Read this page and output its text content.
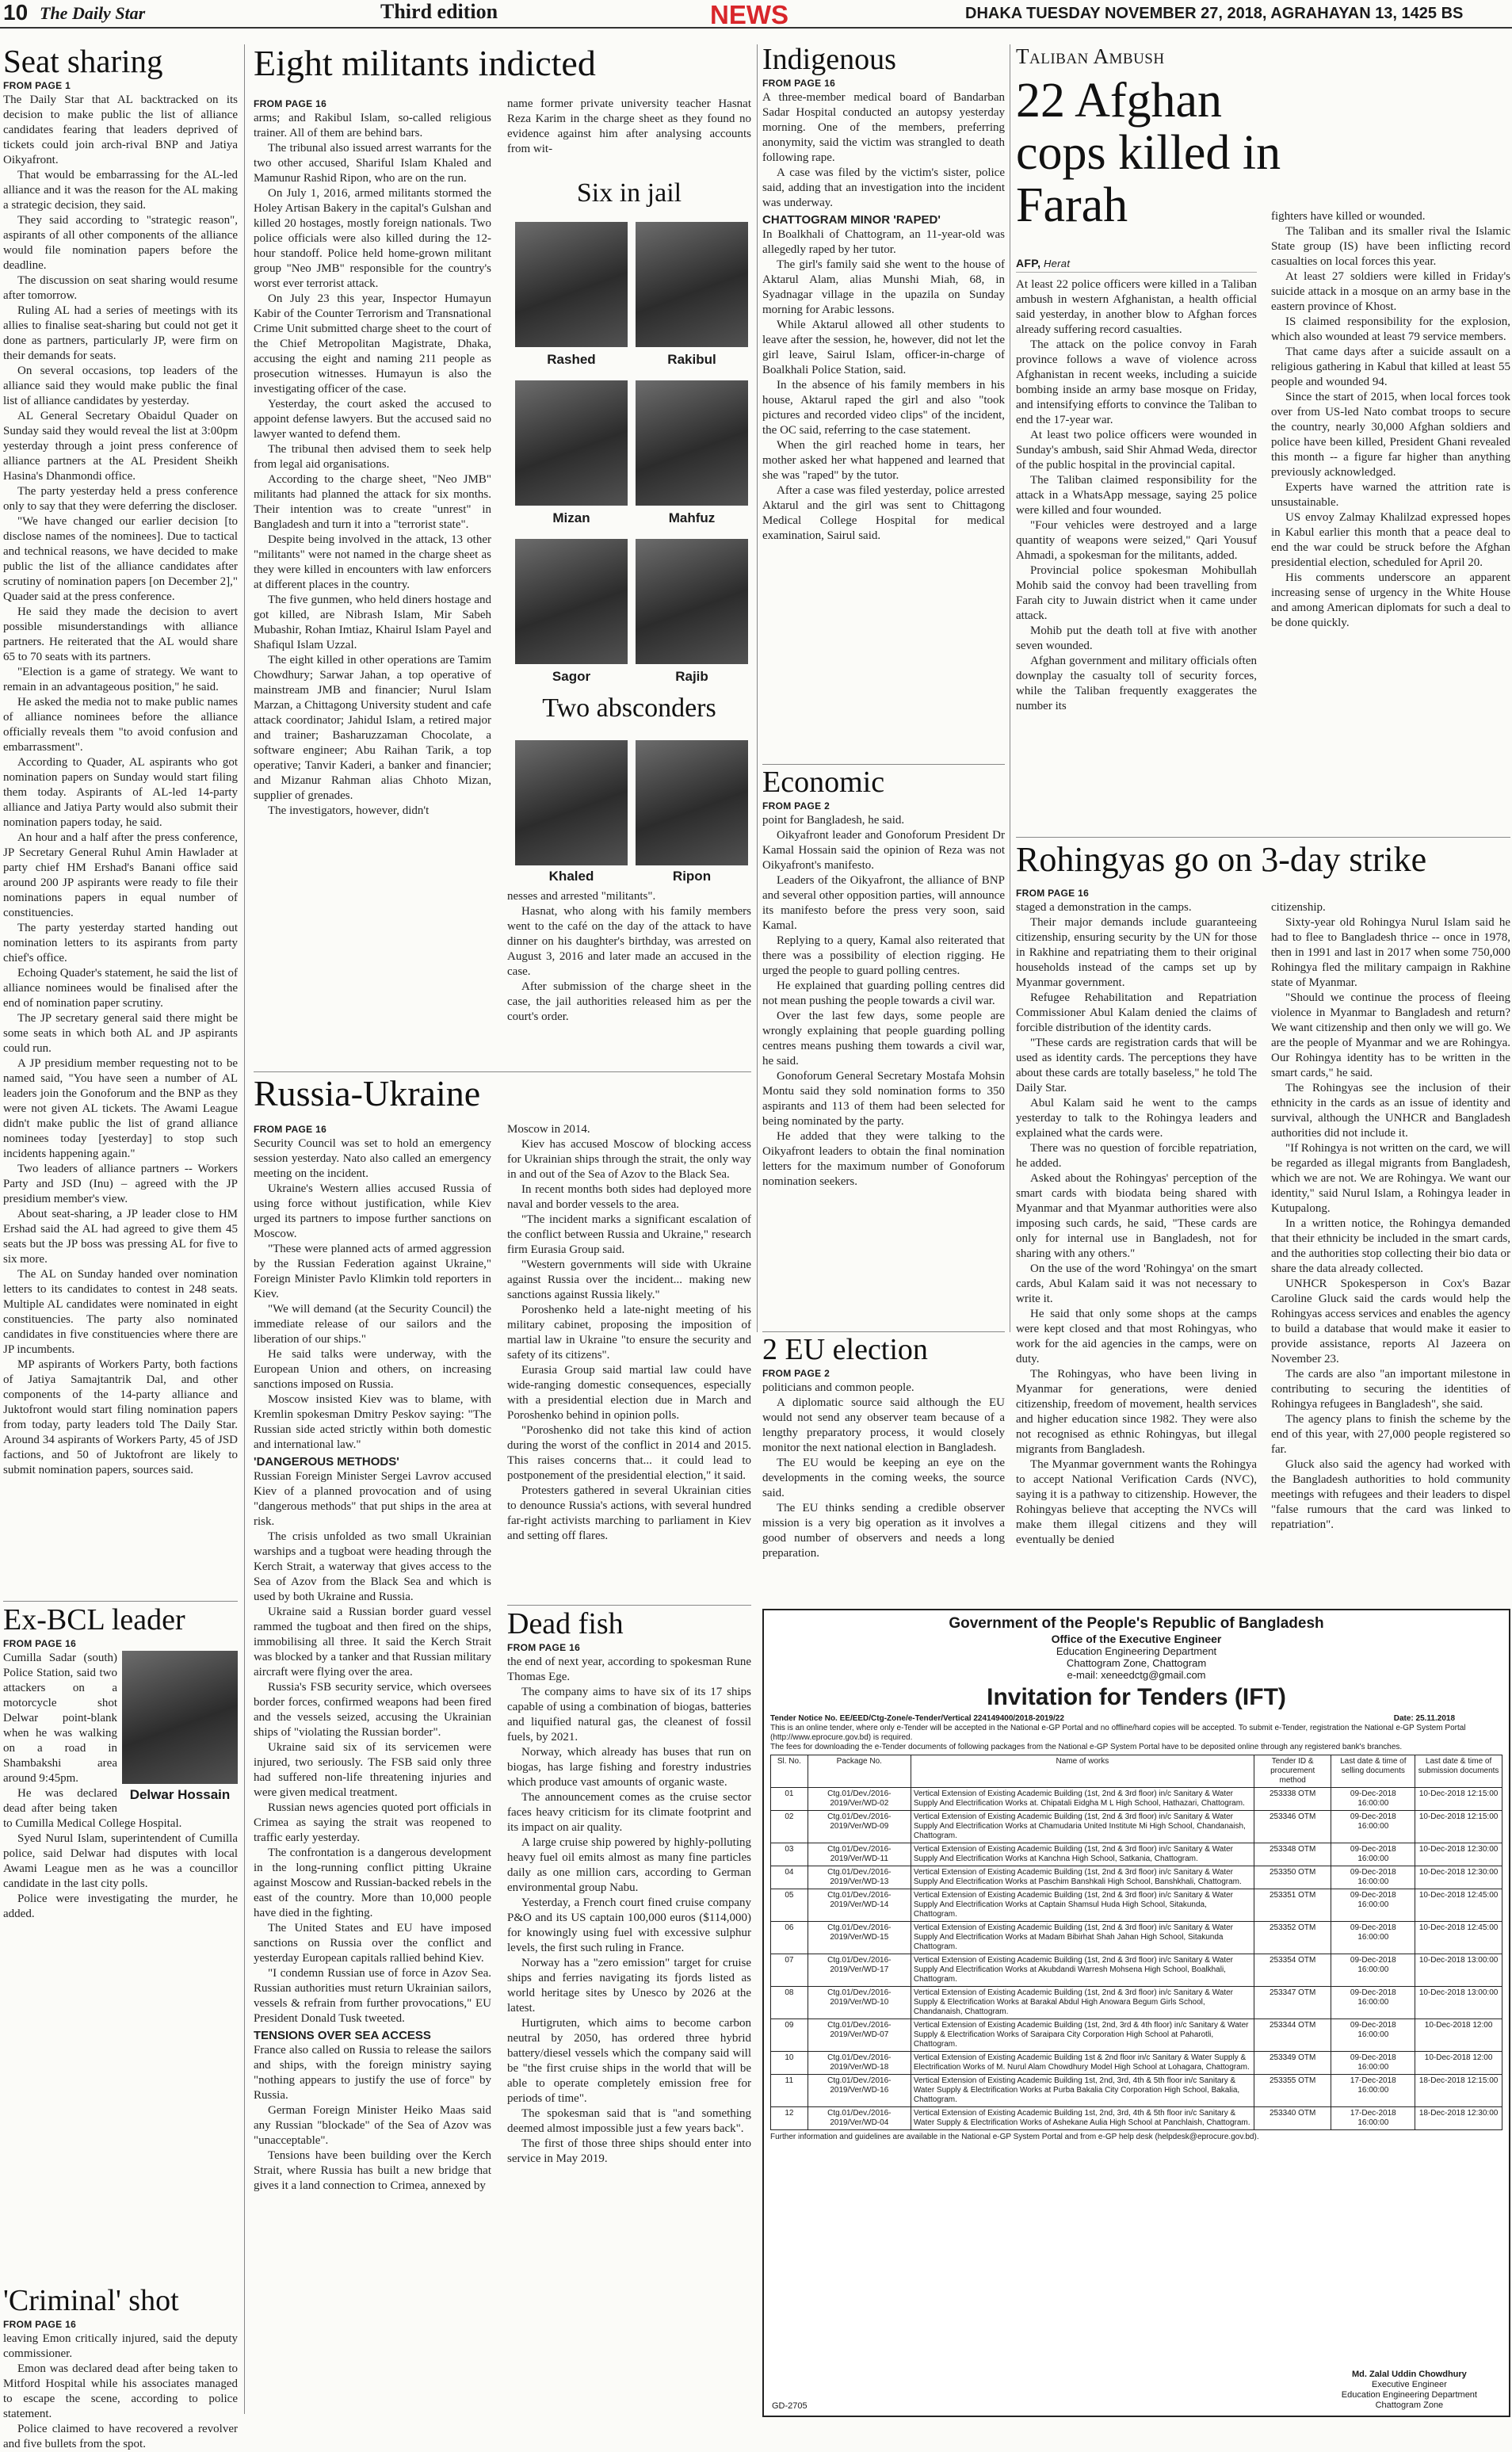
10 The Daily Star	Third edition	NEWS	DHAKA TUESDAY NOVEMBER 27, 2018, AGRAHAYAN 13, 1425 BS
Seat sharing
FROM PAGE 1

The Daily Star that AL backtracked on its decision to make public the list of alliance candidates fearing that leaders deprived of tickets could join arch-rival BNP and Jatiya Oikyafront.

That would be embarrassing for the AL-led alliance and it was the reason for the AL making a strategic decision, they said.

They said according to "strategic reason", aspirants of all other components of the alliance would file nomination papers before the deadline.

The discussion on seat sharing would resume after tomorrow.

Ruling AL had a series of meetings with its allies to finalise seat-sharing but could not get it done as partners, particularly JP, were firm on their demands for seats.

On several occasions, top leaders of the alliance said they would make public the final list of alliance candidates by yesterday.

AL General Secretary Obaidul Quader on Sunday said they would reveal the list at 3:00pm yesterday through a joint press conference of alliance partners at the AL President Sheikh Hasina's Dhanmondi office.

The party yesterday held a press conference only to say that they were deferring the discloser.

"We have changed our earlier decision [to disclose names of the nominees]. Due to tactical and technical reasons, we have decided to make public the list of the alliance candidates after scrutiny of nomination papers [on December 2]," Quader said at the press conference.

He said they made the decision to avert possible misunderstandings with alliance partners. He reiterated that the AL would share 65 to 70 seats with its partners.

"Election is a game of strategy. We want to remain in an advantageous position," he said.

He asked the media not to make public names of alliance nominees before the alliance officially reveals them "to avoid confusion and embarrassment".

According to Quader, AL aspirants who got nomination papers on Sunday would start filing them today. Aspirants of AL-led 14-party alliance and Jatiya Party would also submit their nomination papers today, he said.

An hour and a half after the press conference, JP Secretary General Ruhul Amin Hawlader at party chief HM Ershad's Banani office said around 200 JP aspirants were ready to file their nominations papers in equal number of constituencies.

The party yesterday started handing out nomination letters to its aspirants from party chief's office.

Echoing Quader's statement, he said the list of alliance nominees would be finalised after the end of nomination paper scrutiny.

The JP secretary general said there might be some seats in which both AL and JP aspirants could run.

A JP presidium member requesting not to be named said, "You have seen a number of AL leaders join the Gonoforum and the BNP as they were not given AL tickets. The Awami League didn't make public the list of grand alliance nominees today [yesterday] to stop such incidents happening again."

Two leaders of alliance partners -- Workers Party and JSD (Inu) – agreed with the JP presidium member's view.

About seat-sharing, a JP leader close to HM Ershad said the AL had agreed to give them 45 seats but the JP boss was pressing AL for five to six more.

The AL on Sunday handed over nomination letters to its candidates to contest in 248 seats. Multiple AL candidates were nominated in eight constituencies. The party also nominated candidates in five constituencies where there are JP incumbents.

MP aspirants of Workers Party, both factions of Jatiya Samajtantrik Dal, and other components of the 14-party alliance and Juktofront would start filing nomination papers from today, party leaders told The Daily Star. Around 34 aspirants of Workers Party, 45 of JSD factions, and 50 of Juktofront are likely to submit nomination papers, sources said.

Ex-BCL leader
FROM PAGE 16
Delwar Hossain

Cumilla Sadar (south) Police Station, said two attackers on a motorcycle shot Delwar point-blank when he was walking on a road in Shambakshi area around 9:45pm.

He was declared dead after being taken to Cumilla Medical College Hospital.

Syed Nurul Islam, superintendent of Cumilla police, said Delwar had disputes with local Awami League men as he was a councillor candidate in the last city polls.

Police were investigating the murder, he added.

'Criminal' shot
FROM PAGE 16

leaving Emon critically injured, said the deputy commissioner.

Emon was declared dead after being taken to Mitford Hospital while his associates managed to escape the scene, according to police statement.

Police claimed to have recovered a revolver and five bullets from the spot.

Eight militants indicted
FROM PAGE 16

arms; and Rakibul Islam, so-called religious trainer. All of them are behind bars.

The tribunal also issued arrest warrants for the two other accused, Shariful Islam Khaled and Mamunur Rashid Ripon, who are on the run.

On July 1, 2016, armed militants stormed the Holey Artisan Bakery in the capital's Gulshan and killed 20 hostages, mostly foreign nationals. Two police officials were also killed during the 12-hour standoff. Police held home-grown militant group "Neo JMB" responsible for the country's worst ever terrorist attack.

On July 23 this year, Inspector Humayun Kabir of the Counter Terrorism and Transnational Crime Unit submitted charge sheet to the court of the Chief Metropolitan Magistrate, Dhaka, accusing the eight and naming 211 people as prosecution witnesses. Humayun is also the investigating officer of the case.

Yesterday, the court asked the accused to appoint defense lawyers. But the accused said no lawyer wanted to defend them.

The tribunal then advised them to seek help from legal aid organisations.

According to the charge sheet, "Neo JMB" militants had planned the attack for six months. Their intention was to create "unrest" in Bangladesh and turn it into a "terrorist state".

Despite being involved in the attack, 13 other "militants" were not named in the charge sheet as they were killed in encounters with law enforcers at different places in the country.

The five gunmen, who held diners hostage and got killed, are Nibrash Islam, Mir Sabeh Mubashir, Rohan Imtiaz, Khairul Islam Payel and Shafiqul Islam Uzzal.

The eight killed in other operations are Tamim Chowdhury; Sarwar Jahan, a top operative of mainstream JMB and financier; Nurul Islam Marzan, a Chittagong University student and cafe attack coordinator; Jahidul Islam, a retired major and trainer; Basharuzzaman Chocolate, a software engineer; Abu Raihan Tarik, a top operative; Tanvir Kaderi, a banker and financier; and Mizanur Rahman alias Chhoto Mizan, supplier of grenades.

The investigators, however, didn't

name former private university teacher Hasnat Reza Karim in the charge sheet as they found no evidence against him after analysing accounts from wit-

Six in jail
Rashed	Rakibul
Mizan	Mahfuz
Sagor	Rajib
Two absconders
Khaled	Ripon

nesses and arrested "militants".

Hasnat, who along with his family members went to the café on the day of the attack to have dinner on his daughter's birthday, was arrested on August 3, 2016 and later made an accused in the case.

After submission of the charge sheet in the case, the jail authorities released him as per the court's order.

Russia-Ukraine
FROM PAGE 16

Security Council was set to hold an emergency session yesterday. Nato also called an emergency meeting on the incident.

Ukraine's Western allies accused Russia of using force without justification, while Kiev urged its partners to impose further sanctions on Moscow.

"These were planned acts of armed aggression by the Russian Federation against Ukraine," Foreign Minister Pavlo Klimkin told reporters in Kiev.

"We will demand (at the Security Council) the immediate release of our sailors and the liberation of our ships."

He said talks were underway, with the European Union and others, on increasing sanctions imposed on Russia.

Moscow insisted Kiev was to blame, with Kremlin spokesman Dmitry Peskov saying: "The Russian side acted strictly within both domestic and international law."

'DANGEROUS METHODS'

Russian Foreign Minister Sergei Lavrov accused Kiev of a planned provocation and of using "dangerous methods" that put ships in the area at risk.

The crisis unfolded as two small Ukrainian warships and a tugboat were heading through the Kerch Strait, a waterway that gives access to the Sea of Azov from the Black Sea and which is used by both Ukraine and Russia.

Ukraine said a Russian border guard vessel rammed the tugboat and then fired on the ships, immobilising all three. It said the Kerch Strait was blocked by a tanker and that Russian military aircraft were flying over the area.

Russia's FSB security service, which oversees border forces, confirmed weapons had been fired and the vessels seized, accusing the Ukrainian ships of "violating the Russian border".

Ukraine said six of its servicemen were injured, two seriously. The FSB said only three had suffered non-life threatening injuries and were given medical treatment.

Russian news agencies quoted port officials in Crimea as saying the strait was reopened to traffic early yesterday.

The confrontation is a dangerous development in the long-running conflict pitting Ukraine against Moscow and Russian-backed rebels in the east of the country. More than 10,000 people have died in the fighting.

The United States and EU have imposed sanctions on Russia over the conflict and yesterday European capitals rallied behind Kiev.

"I condemn Russian use of force in Azov Sea. Russian authorities must return Ukrainian sailors, vessels & refrain from further provocations," EU President Donald Tusk tweeted.

TENSIONS OVER SEA ACCESS

France also called on Russia to release the sailors and ships, with the foreign ministry saying "nothing appears to justify the use of force" by Russia.

German Foreign Minister Heiko Maas said any Russian "blockade" of the Sea of Azov was "unacceptable".

Tensions have been building over the Kerch Strait, where Russia has built a new bridge that gives it a land connection to Crimea, annexed by

Moscow in 2014.

Kiev has accused Moscow of blocking access for Ukrainian ships through the strait, the only way in and out of the Sea of Azov to the Black Sea.

In recent months both sides had deployed more naval and border vessels to the area.

"The incident marks a significant escalation of the conflict between Russia and Ukraine," research firm Eurasia Group said.

"Western governments will side with Ukraine against Russia over the incident... making new sanctions against Russia likely."

Poroshenko held a late-night meeting of his military cabinet, proposing the imposition of martial law in Ukraine "to ensure the security and safety of its citizens".

Eurasia Group said martial law could have wide-ranging domestic consequences, especially with a presidential election due in March and Poroshenko behind in opinion polls.

"Poroshenko did not take this kind of action during the worst of the conflict in 2014 and 2015. This raises concerns that... it could lead to postponement of the presidential election," it said.

Protesters gathered in several Ukrainian cities to denounce Russia's actions, with several hundred far-right activists marching to parliament in Kiev and setting off flares.

Dead fish
FROM PAGE 16

the end of next year, according to spokesman Rune Thomas Ege.

The company aims to have six of its 17 ships capable of using a combination of biogas, batteries and liquified natural gas, the cleanest of fossil fuels, by 2021.

Norway, which already has buses that run on biogas, has large fishing and forestry industries which produce vast amounts of organic waste.

The announcement comes as the cruise sector faces heavy criticism for its climate footprint and its impact on air quality.

A large cruise ship powered by highly-polluting heavy fuel oil emits almost as many fine particles daily as one million cars, according to German environmental group Nabu.

Yesterday, a French court fined cruise company P&O and its US captain 100,000 euros ($114,000) for knowingly using fuel with excessive sulphur levels, the first such ruling in France.

Norway has a "zero emission" target for cruise ships and ferries navigating its fjords listed as world heritage sites by Unesco by 2026 at the latest.

Hurtigruten, which aims to become carbon neutral by 2050, has ordered three hybrid battery/diesel vessels which the company said will be "the first cruise ships in the world that will be able to operate completely emission free for periods of time".

The spokesman said that is "and something deemed almost impossible just a few years back".

The first of those three ships should enter into service in May 2019.

Indigenous
FROM PAGE 16

A three-member medical board of Bandarban Sadar Hospital conducted an autopsy yesterday morning. One of the members, preferring anonymity, said the victim was strangled to death following rape.

A case was filed by the victim's sister, police said, adding that an investigation into the incident was underway.

CHATTOGRAM MINOR 'RAPED'

In Boalkhali of Chattogram, an 11-year-old was allegedly raped by her tutor.

The girl's family said she went to the house of Aktarul Alam, alias Munshi Miah, 68, in Syadnagar village in the upazila on Sunday morning for Arabic lessons.

While Aktarul allowed all other students to leave after the session, he, however, did not let the girl leave, Sairul Islam, officer-in-charge of Boalkhali Police Station, said.

In the absence of his family members in his house, Aktarul raped the girl and also "took pictures and recorded video clips" of the incident, the OC said, referring to the case statement.

When the girl reached home in tears, her mother asked her what happened and learned that she was "raped" by the tutor.

After a case was filed yesterday, police arrested Aktarul and the girl was sent to Chittagong Medical College Hospital for medical examination, Sairul said.

Economic
FROM PAGE 2

point for Bangladesh, he said.

Oikyafront leader and Gonoforum President Dr Kamal Hossain said the opinion of Reza was not Oikyafront's manifesto.

Leaders of the Oikyafront, the alliance of BNP and several other opposition parties, will announce its manifesto before the press very soon, said Kamal.

Replying to a query, Kamal also reiterated that there was a possibility of election rigging. He urged the people to guard polling centres.

He explained that guarding polling centres did not mean pushing the people towards a civil war.

Over the last few days, some people are wrongly explaining that people guarding polling centres means pushing them towards a civil war, he said.

Gonoforum General Secretary Mostafa Mohsin Montu said they sold nomination forms to 350 aspirants and 113 of them had been selected for being nominated by the party.

He added that they were talking to the Oikyafront leaders to obtain the final nomination letters for the maximum number of Gonoforum nomination seekers.

2 EU election
FROM PAGE 2

politicians and common people.

A diplomatic source said although the EU would not send any observer team because of a lengthy preparatory process, it would closely monitor the next national election in Bangladesh.

The EU would be keeping an eye on the developments in the coming weeks, the source said.

The EU thinks sending a credible observer mission is a very big operation as it involves a good number of observers and needs a long preparation.

Taliban Ambush
22 Afghan cops killed in Farah
AFP, Herat

At least 22 police officers were killed in a Taliban ambush in western Afghanistan, a health official said yesterday, in another blow to Afghan forces already suffering record casualties.

The attack on the police convoy in Farah province follows a wave of violence across Afghanistan in recent weeks, including a suicide bombing inside an army base mosque on Friday, and intensifying efforts to convince the Taliban to end the 17-year war.

At least two police officers were wounded in Sunday's ambush, said Shir Ahmad Weda, director of the public hospital in the provincial capital.

The Taliban claimed responsibility for the attack in a WhatsApp message, saying 25 police were killed and four wounded.

"Four vehicles were destroyed and a large quantity of weapons were seized," Qari Yousuf Ahmadi, a spokesman for the militants, added.

Provincial police spokesman Mohibullah Mohib said the convoy had been travelling from Farah city to Juwain district when it came under attack.

Mohib put the death toll at five with another seven wounded.

Afghan government and military officials often downplay the casualty toll of security forces, while the Taliban frequently exaggerates the number its

fighters have killed or wounded.

The Taliban and its smaller rival the Islamic State group (IS) have been inflicting record casualties on local forces this year.

At least 27 soldiers were killed in Friday's suicide attack in a mosque on an army base in the eastern province of Khost.

IS claimed responsibility for the explosion, which also wounded at least 79 service members.

That came days after a suicide assault on a religious gathering in Kabul that killed at least 55 people and wounded 94.

Since the start of 2015, when local forces took over from US-led Nato combat troops to secure the country, nearly 30,000 Afghan soldiers and police have been killed, President Ghani revealed this month -- a figure far higher than anything previously acknowledged.

Experts have warned the attrition rate is unsustainable.

US envoy Zalmay Khalilzad expressed hopes in Kabul earlier this month that a peace deal to end the war could be struck before the Afghan presidential election, scheduled for April 20.

His comments underscore an apparent increasing sense of urgency in the White House and among American diplomats for such a deal to be done quickly.

Rohingyas go on 3-day strike
FROM PAGE 16

staged a demonstration in the camps.

Their major demands include guaranteeing citizenship, ensuring security by the UN for those in Rakhine and repatriating them to their original households instead of the camps set up by Myanmar government.

Refugee Rehabilitation and Repatriation Commissioner Abul Kalam denied the claims of forcible distribution of the identity cards.

"These cards are registration cards that will be used as identity cards. The perceptions they have about these cards are totally baseless," he told The Daily Star.

Abul Kalam said he went to the camps yesterday to talk to the Rohingya leaders and explained what the cards were.

There was no question of forcible repatriation, he added.

Asked about the Rohingyas' perception of the smart cards with biodata being shared with Myanmar and that Myanmar authorities were also imposing such cards, he said, "These cards are only for internal use in Bangladesh, not for sharing with any others."

On the use of the word 'Rohingya' on the smart cards, Abul Kalam said it was not necessary to write it.

He said that only some shops at the camps were kept closed and that most Rohingyas, who work for the aid agencies in the camps, were on duty.

The Rohingyas, who have been living in Myanmar for generations, were denied citizenship, freedom of movement, health services and higher education since 1982. They were also not recognised as ethnic Rohingyas, but illegal migrants from Bangladesh.

The Myanmar government wants the Rohingya to accept National Verification Cards (NVC), saying it is a pathway to citizenship. However, the Rohingyas believe that accepting the NVCs will make them illegal citizens and they will eventually be denied

citizenship.

Sixty-year old Rohingya Nurul Islam said he had to flee to Bangladesh thrice -- once in 1978, then in 1991 and last in 2017 when some 750,000 Rohingya fled the military campaign in Rakhine state of Myanmar.

"Should we continue the process of fleeing violence in Myanmar to Bangladesh and return? We want citizenship and then only we will go. We are the people of Myanmar and we are Rohingya. Our Rohingya identity has to be written in the smart cards," he said.

The Rohingyas see the inclusion of their ethnicity in the cards as an issue of identity and survival, although the UNHCR and Bangladesh authorities did not include it.

"If Rohingya is not written on the card, we will be regarded as illegal migrants from Bangladesh, which we are not. We are Rohingya. We want our identity," said Nurul Islam, a Rohingya leader in Kutupalong.

In a written notice, the Rohingya demanded that their ethnicity be included in the smart cards, and the authorities stop collecting their bio data or share the data already collected.

UNHCR Spokesperson in Cox's Bazar Caroline Gluck said the cards would help the Rohingyas access services and enables the agency to build a database that would make it easier to provide assistance, reports Al Jazeera on November 23.

The cards are also "an important milestone in contributing to securing the identities of Rohingya refugees in Bangladesh", she said.

The agency plans to finish the scheme by the end of this year, with 27,000 people registered so far.

Gluck also said the agency had worked with the Bangladesh authorities to hold community meetings with refugees and their leaders to dispel "false rumours that the card was linked to repatriation".

Government of the People's Republic of Bangladesh
Office of the Executive Engineer
Education Engineering Department
Chattogram Zone, Chattogram
e-mail: xeneedctg@gmail.com
Invitation for Tenders (IFT)
Tender Notice No. EE/EED/Ctg-Zone/e-Tender/Vertical 224149400/2018-2019/22	Date: 25.11.2018
This is an online tender, where only e-Tender will be accepted in the National e-GP Portal and no offline/hard copies will be accepted. To submit e-Tender, registration the National e-GP System Portal (http://www.eprocure.gov.bd) is required.
The fees for downloading the e-Tender documents of following packages from the National e-GP System Portal have to be deposited online through any registered bank's branches.
Sl. No.	Package No.	Name of works	Tender ID & procurement method	Last date & time of selling documents	Last date & time of submission documents
01	Ctg.01/Dev./2016-2019/Ver/WD-02	Vertical Extension of Existing Academic Building (1st, 2nd & 3rd floor) in/c Sanitary & Water Supply And Electrification Works at. Chipatali Eidgha M L High School, Hathazari, Chattogram.	253338 OTM	09-Dec-2018 16:00:00	10-Dec-2018 12:15:00
02	Ctg.01/Dev./2016-2019/Ver/WD-09	Vertical Extension of Existing Academic Building (1st, 2nd & 3rd floor) in/c Sanitary & Water Supply And Electrification Works at Chamudaria United Institute Mi High School, Chandanaish, Chattogram.	253346 OTM	09-Dec-2018 16:00:00	10-Dec-2018 12:15:00
03	Ctg.01/Dev./2016-2019/Ver/WD-11	Vertical Extension of Existing Academic Building (1st, 2nd & 3rd floor) in/c Sanitary & Water Supply And Electrification Works at Kanchna High School, Satkania, Chattogram.	253348 OTM	09-Dec-2018 16:00:00	10-Dec-2018 12:30:00
04	Ctg.01/Dev./2016-2019/Ver/WD-13	Vertical Extension of Existing Academic Building (1st, 2nd & 3rd floor) in/c Sanitary & Water Supply And Electrification Works at Paschim Banshkali High School, Banshkhali, Chattogram.	253350 OTM	09-Dec-2018 16:00:00	10-Dec-2018 12:30:00
05	Ctg.01/Dev./2016-2019/Ver/WD-14	Vertical Extension of Existing Academic Building (1st, 2nd & 3rd floor) in/c Sanitary & Water Supply And Electrification Works at Captain Shamsul Huda High School, Sitakunda, Chattogram.	253351 OTM	09-Dec-2018 16:00:00	10-Dec-2018 12:45:00
06	Ctg.01/Dev./2016-2019/Ver/WD-15	Vertical Extension of Existing Academic Building (1st, 2nd & 3rd floor) in/c Sanitary & Water Supply And Electrification Works at Madam Bibirhat Shah Jahan High School, Sitakunda Chattogram.	253352 OTM	09-Dec-2018 16:00:00	10-Dec-2018 12:45:00
07	Ctg.01/Dev./2016-2019/Ver/WD-17	Vertical Extension of Existing Academic Building (1st, 2nd & 3rd floor) in/c Sanitary & Water Supply And Electrification Works at Akubdandi Warresh Mohsena High School, Boalkhali, Chattogram.	253354 OTM	09-Dec-2018 16:00:00	10-Dec-2018 13:00:00
08	Ctg.01/Dev./2016-2019/Ver/WD-10	Vertical Extension of Existing Academic Building (1st, 2nd & 3rd floor) in/c Sanitary & Water Supply & Electrification Works at Barakal Abdul High Anowara Begum Girls School, Chandanaish, Chattogram.	253347 OTM	09-Dec-2018 16:00:00	10-Dec-2018 13:00:00
09	Ctg.01/Dev./2016-2019/Ver/WD-07	Vertical Extension of Existing Academic Building (1st, 2nd, 3rd & 4th floor) in/c Sanitary & Water Supply & Electrification Works of Saraipara City Corporation High School at Paharotli, Chattogram.	253344 OTM	09-Dec-2018 16:00:00	10-Dec-2018 12:00
10	Ctg.01/Dev./2016-2019/Ver/WD-18	Vertical Extension of Existing Academic Building 1st & 2nd floor in/c Sanitary & Water Supply & Electrification Works of M. Nurul Alam Chowdhury Model High School at Lohagara, Chattogram.	253349 OTM	09-Dec-2018 16:00:00	10-Dec-2018 12:00
11	Ctg.01/Dev./2016-2019/Ver/WD-16	Vertical Extension of Existing Academic Building 1st, 2nd, 3rd, 4th & 5th floor in/c Sanitary & Water Supply & Electrification Works at Purba Bakalia City Corporation High School, Bakalia, Chattogram.	253355 OTM	17-Dec-2018 16:00:00	18-Dec-2018 12:15:00
12	Ctg.01/Dev./2016-2019/Ver/WD-04	Vertical Extension of Existing Academic Building 1st, 2nd, 3rd, 4th & 5th floor in/c Sanitary & Water Supply & Electrification Works of Ashekane Aulia High School at Panchlaish, Chattogram.	253340 OTM	17-Dec-2018 16:00:00	18-Dec-2018 12:30:00
Further information and guidelines are available in the National e-GP System Portal and from e-GP help desk (helpdesk@eprocure.gov.bd).
Md. Zalal Uddin Chowdhury
Executive Engineer
Education Engineering Department
Chattogram Zone
GD-2705
